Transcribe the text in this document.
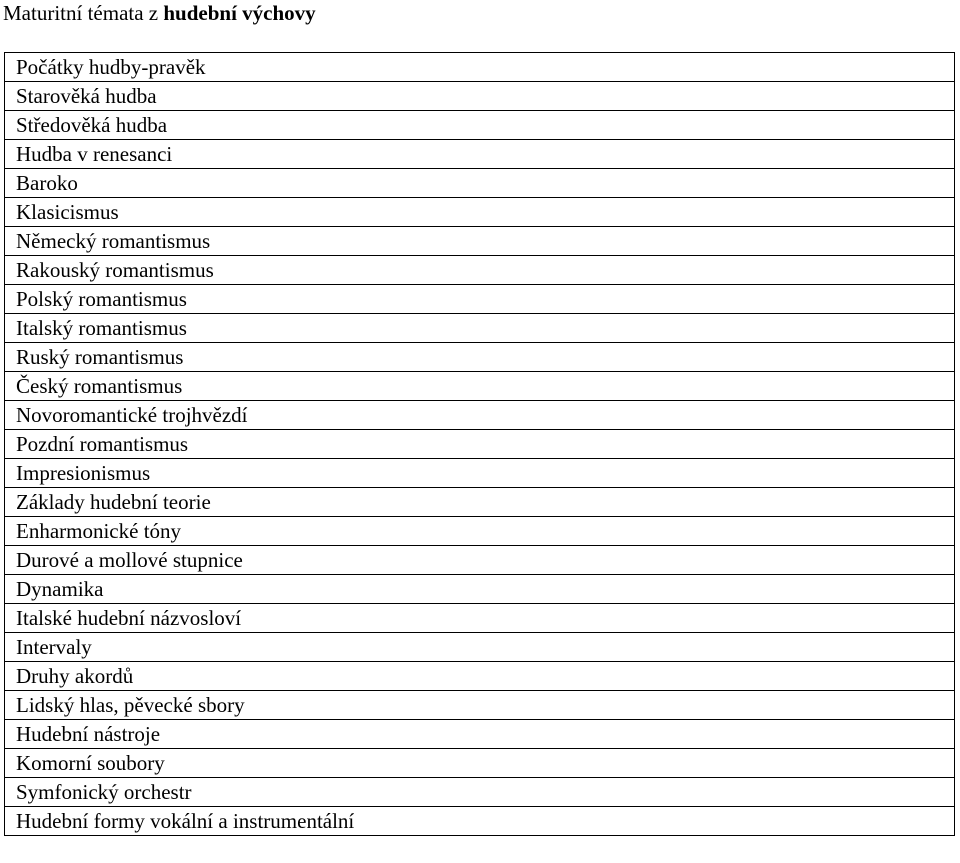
Maturitní témata z hudební výchovy
Počátky hudby-pravěk
Starověká hudba
Středověká hudba
Hudba v renesanci
Baroko
Klasicismus
Německý romantismus
Rakouský romantismus
Polský romantismus
Italský romantismus
Ruský romantismus
Český romantismus
Novoromantické trojhvězdí
Pozdní romantismus
Impresionismus
Základy hudební teorie
Enharmonické tóny
Durové a mollové stupnice
Dynamika
Italské hudební názvosloví
Intervaly
Druhy akordů
Lidský hlas, pěvecké sbory
Hudební nástroje
Komorní soubory
Symfonický orchestr
Hudební formy vokální a instrumentální
